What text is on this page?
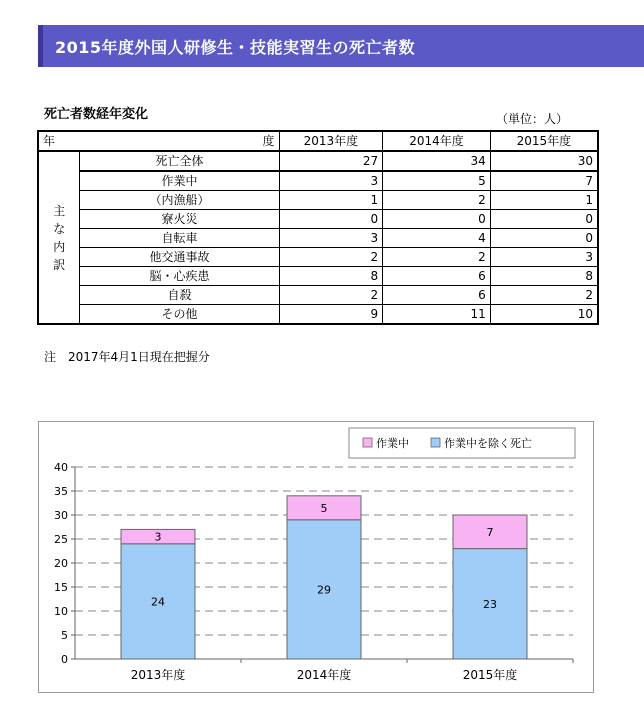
2015年度外国人研修生・技能実習生の死亡者数
死亡者数経年変化	（単位：人）
年 度		2013年度	2014年度	2015年度

主
な
内
訳	死亡全体	27	34	30
	作業中	3	5	7
	（内漁船）	1	2	1
	寮火災	0	0	0
	自転車	3	4	0
	他交通事故	2	2	3
	脳・心疾患	8	6	8
	自殺	2	6	2
	その他	9	11	10
注　2017年4月1日現在把握分
0
5
10
15
20
25
30
35
40
24
3
2013年度
29
5
2014年度
23
7
2015年度
作業中	作業中を除く死亡
